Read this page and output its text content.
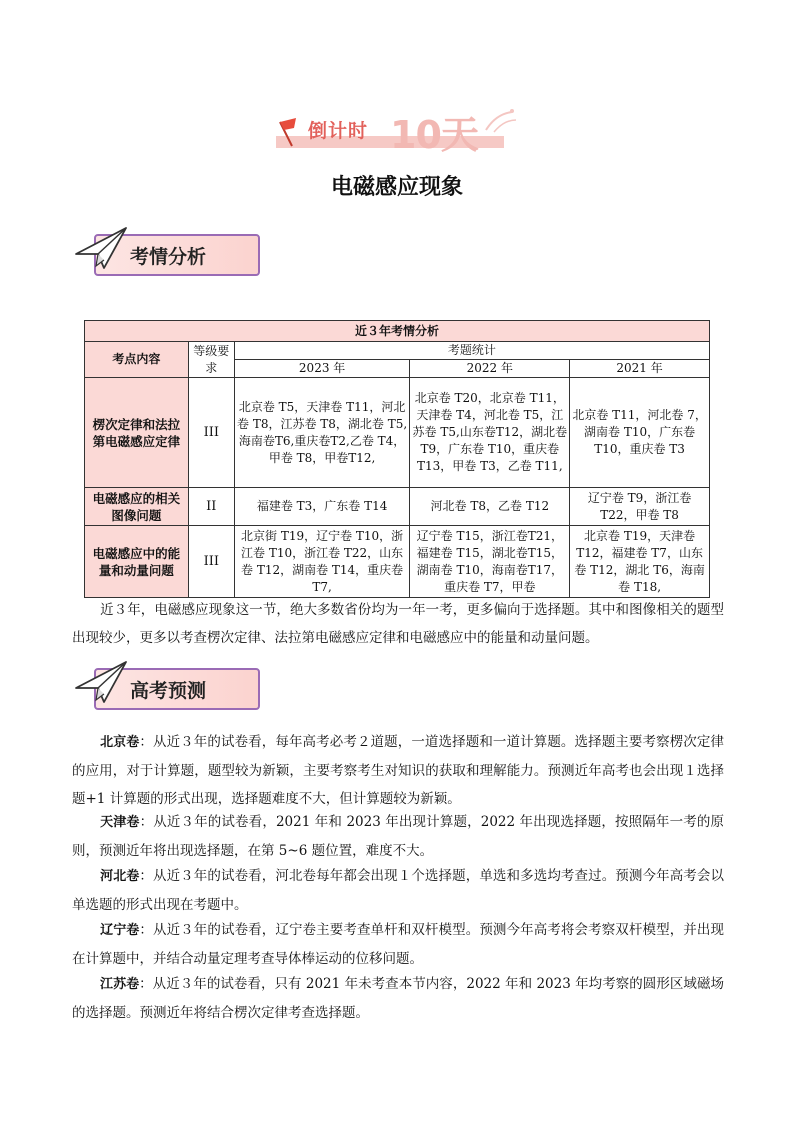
倒计时 10天
电磁感应现象
考情分析
近３年考情分析				
考点内容	等级要求	考题统计		
		2023 年	2022 年	2021 年
楞次定律和法拉第电磁感应定律	III	北京卷 T5，天津卷 T11，河北卷 T8，江苏卷 T8，湖北卷 T5,海南卷T6,重庆卷T2,乙卷 T4，甲卷 T8，甲卷T12,	北京卷 T20，北京卷 T11，天津卷 T4，河北卷 T5，江苏卷 T5,山东卷T12，湖北卷 T9，广东卷 T10，重庆卷 T13，甲卷 T3，乙卷 T11,	北京卷 T11，河北卷 7，湖南卷 T10，广东卷T10，重庆卷 T3
电磁感应的相关图像问题	II	福建卷 T3，广东卷 T14	河北卷 T8，乙卷 T12	辽宁卷 T9，浙江卷T22，甲卷 T8
电磁感应中的能量和动量问题	III	北京街 T19，辽宁卷 T10，浙江卷 T10，浙江卷 T22，山东卷 T12，湖南卷 T14，重庆卷 T7,	辽宁卷 T15，浙江卷T21，福建卷 T15，湖北卷T15，湖南卷 T10，海南卷T17，重庆卷 T7，甲卷	北京卷 T19，天津卷T12，福建卷 T7，山东卷 T12，湖北 T6，海南卷 T18,
近３年，电磁感应现象这一节，绝大多数省份均为一年一考，更多偏向于选择题。其中和图像相关的题型出现较少，更多以考查楞次定律、法拉第电磁感应定律和电磁感应中的能量和动量问题。
高考预测
北京卷：从近３年的试卷看，每年高考必考２道题，一道选择题和一道计算题。选择题主要考察楞次定律的应用，对于计算题，题型较为新颖，主要考察考生对知识的获取和理解能力。预测近年高考也会出现１选择题+1 计算题的形式出现，选择题难度不大，但计算题较为新颖。
天津卷：从近３年的试卷看，2021 年和 2023 年出现计算题，2022 年出现选择题，按照隔年一考的原则，预测近年将出现选择题，在第 5~6 题位置，难度不大。
河北卷：从近３年的试卷看，河北卷每年都会出现１个选择题，单选和多选均考查过。预测今年高考会以单选题的形式出现在考题中。
辽宁卷：从近３年的试卷看，辽宁卷主要考查单杆和双杆模型。预测今年高考将会考察双杆模型，并出现在计算题中，并结合动量定理考查导体棒运动的位移问题。
江苏卷：从近３年的试卷看，只有 2021 年未考查本节内容，2022 年和 2023 年均考察的圆形区域磁场的选择题。预测近年将结合楞次定律考查选择题。
